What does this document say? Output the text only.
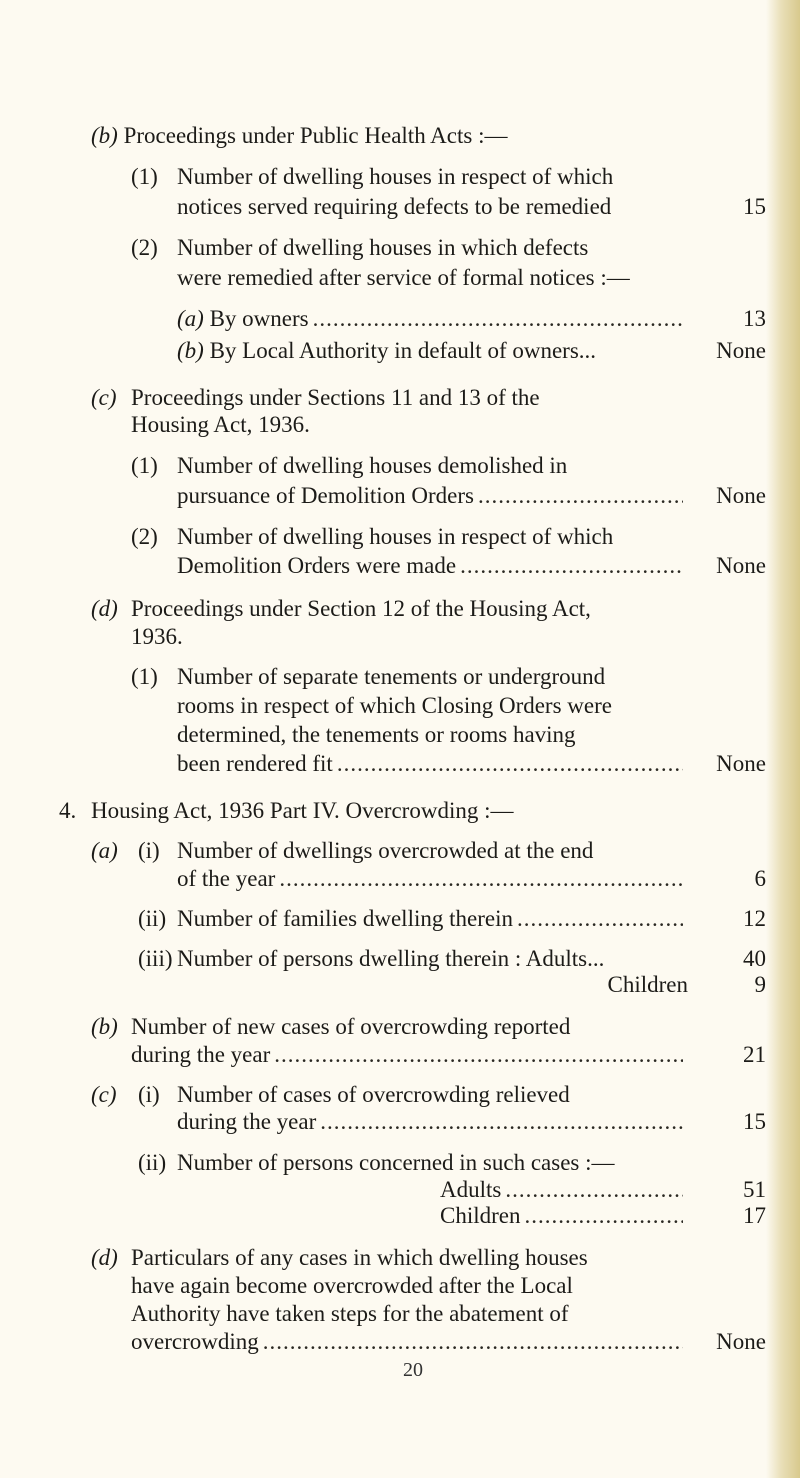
(b) Proceedings under Public Health Acts :—
(1) Number of dwelling houses in respect of which
notices served requiring defects to be remedied	15
(2) Number of dwelling houses in which defects
were remedied after service of formal notices :—
(a) By owners .....	13
(b) By Local Authority in default of owners...	None
(c) Proceedings under Sections 11 and 13 of the
Housing Act, 1936.
(1) Number of dwelling houses demolished in
pursuance of Demolition Orders .....	None
(2) Number of dwelling houses in respect of which
Demolition Orders were made .....	None
(d) Proceedings under Section 12 of the Housing Act,
1936.
(1) Number of separate tenements or underground
rooms in respect of which Closing Orders were
determined, the tenements or rooms having
been rendered fit .....	None
4. Housing Act, 1936 Part IV. Overcrowding :—
(a) (i) Number of dwellings overcrowded at the end
of the year .....	6
(ii) Number of families dwelling therein .....	12
(iii) Number of persons dwelling therein : Adults...	40
Children	9
(b) Number of new cases of overcrowding reported
during the year .....	21
(c) (i) Number of cases of overcrowding relieved
during the year .....	15
(ii) Number of persons concerned in such cases :—
Adults .....	51
Children .....	17
(d) Particulars of any cases in which dwelling houses
have again become overcrowded after the Local
Authority have taken steps for the abatement of
overcrowding .....	None
20
